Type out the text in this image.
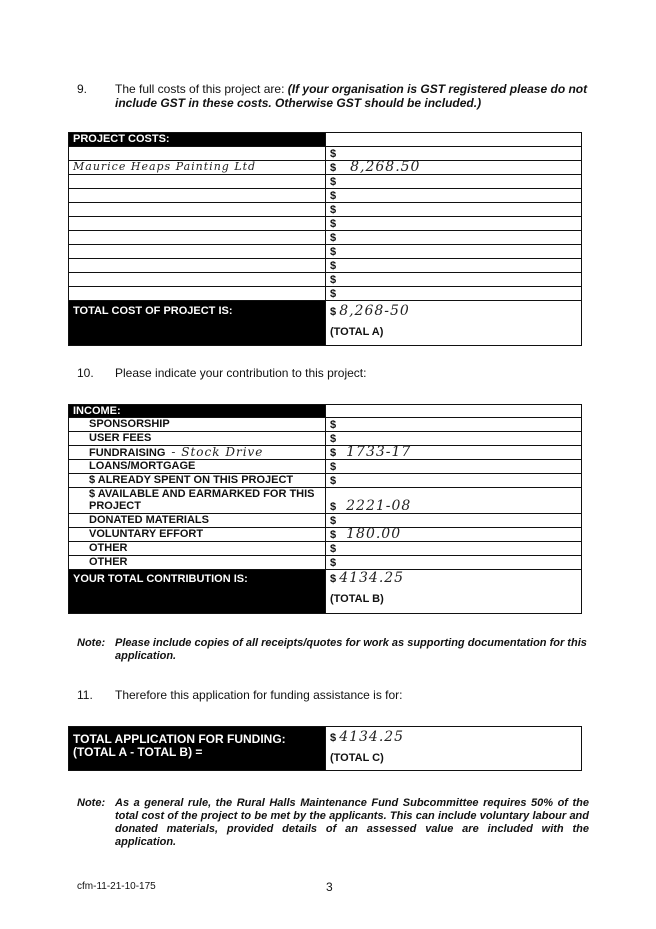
9. The full costs of this project are: (If your organisation is GST registered please do not include GST in these costs. Otherwise GST should be included.)
PROJECT COSTS:	
	$
Maurice Heaps Painting Ltd	$ 8,268.50
	$
	$
	$
	$
	$
	$
	$
	$
	$
TOTAL COST OF PROJECT IS:	$ 8,268-50
(TOTAL A)
10. Please indicate your contribution to this project:
INCOME:	
SPONSORSHIP	$
USER FEES	$
FUNDRAISING - Stock Drive	$ 1733-17
LOANS/MORTGAGE	$
$ ALREADY SPENT ON THIS PROJECT	$
$ AVAILABLE AND EARMARKED FOR THIS PROJECT	$ 2221-08
DONATED MATERIALS	$
VOLUNTARY EFFORT	$ 180.00
OTHER	$
OTHER	$
YOUR TOTAL CONTRIBUTION IS:	$ 4134.25
(TOTAL B)
Note: Please include copies of all receipts/quotes for work as supporting documentation for this application.
11. Therefore this application for funding assistance is for:
TOTAL APPLICATION FOR FUNDING:
(TOTAL A - TOTAL B) =

$ 4134.25
(TOTAL C)
Note: As a general rule, the Rural Halls Maintenance Fund Subcommittee requires 50% of the total cost of the project to be met by the applicants. This can include voluntary labour and donated materials, provided details of an assessed value are included with the application.
cfm-11-21-10-175	3
